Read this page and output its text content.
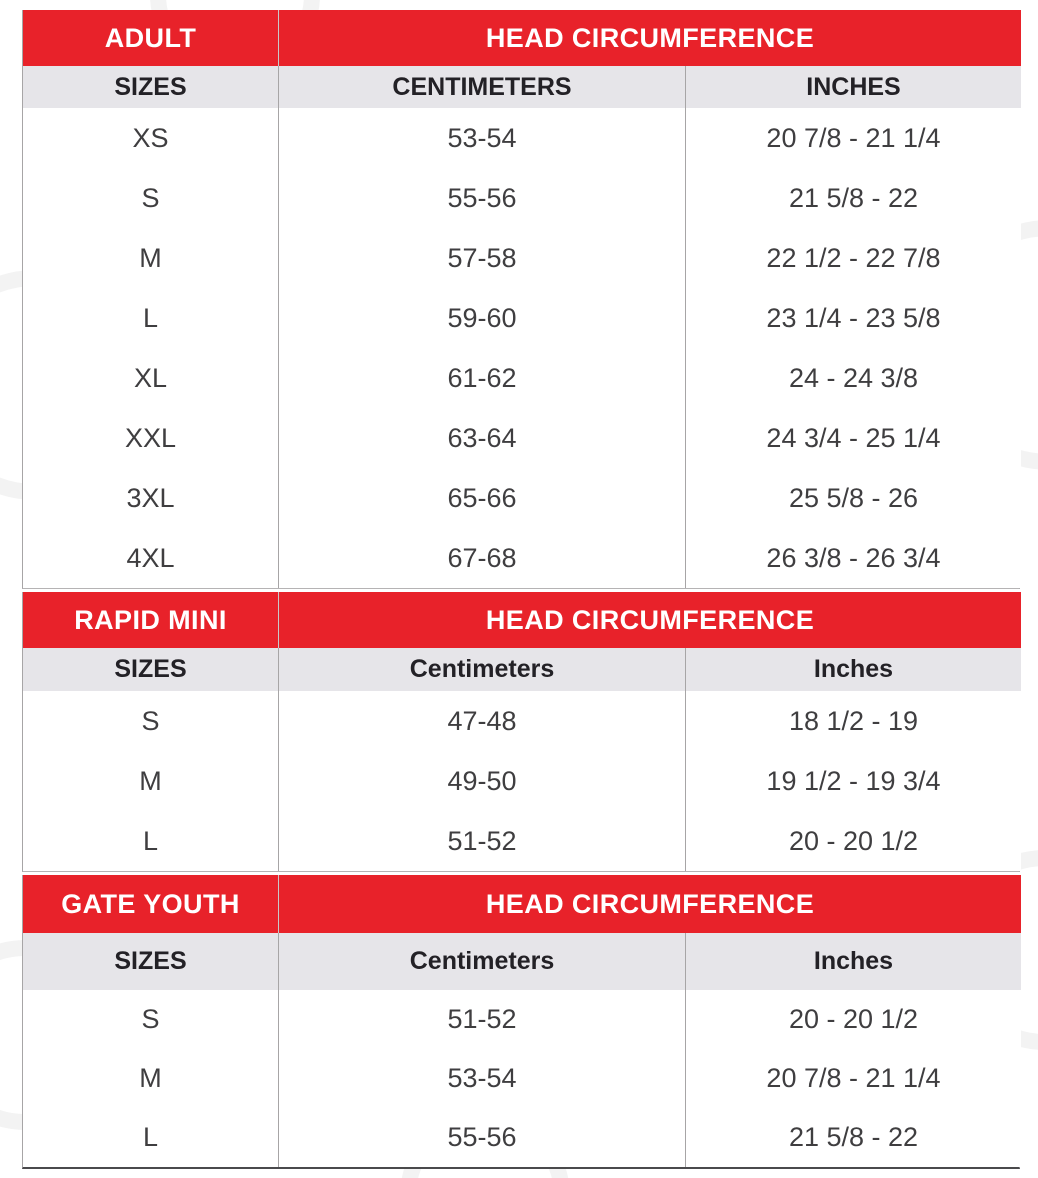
ADULT	HEAD CIRCUMFERENCE
SIZES	CENTIMETERS	INCHES
XS	53-54	20 7/8 - 21 1/4
S	55-56	21 5/8 - 22
M	57-58	22 1/2 - 22 7/8
L	59-60	23 1/4 - 23 5/8
XL	61-62	24 - 24 3/8
XXL	63-64	24 3/4 - 25 1/4
3XL	65-66	25 5/8 - 26
4XL	67-68	26 3/8 - 26 3/4
RAPID MINI	HEAD CIRCUMFERENCE
SIZES	Centimeters	Inches
S	47-48	18 1/2 - 19
M	49-50	19 1/2 - 19 3/4
L	51-52	20 - 20 1/2
GATE YOUTH	HEAD CIRCUMFERENCE
SIZES	Centimeters	Inches
S	51-52	20 - 20 1/2
M	53-54	20 7/8 - 21 1/4
L	55-56	21 5/8 - 22
